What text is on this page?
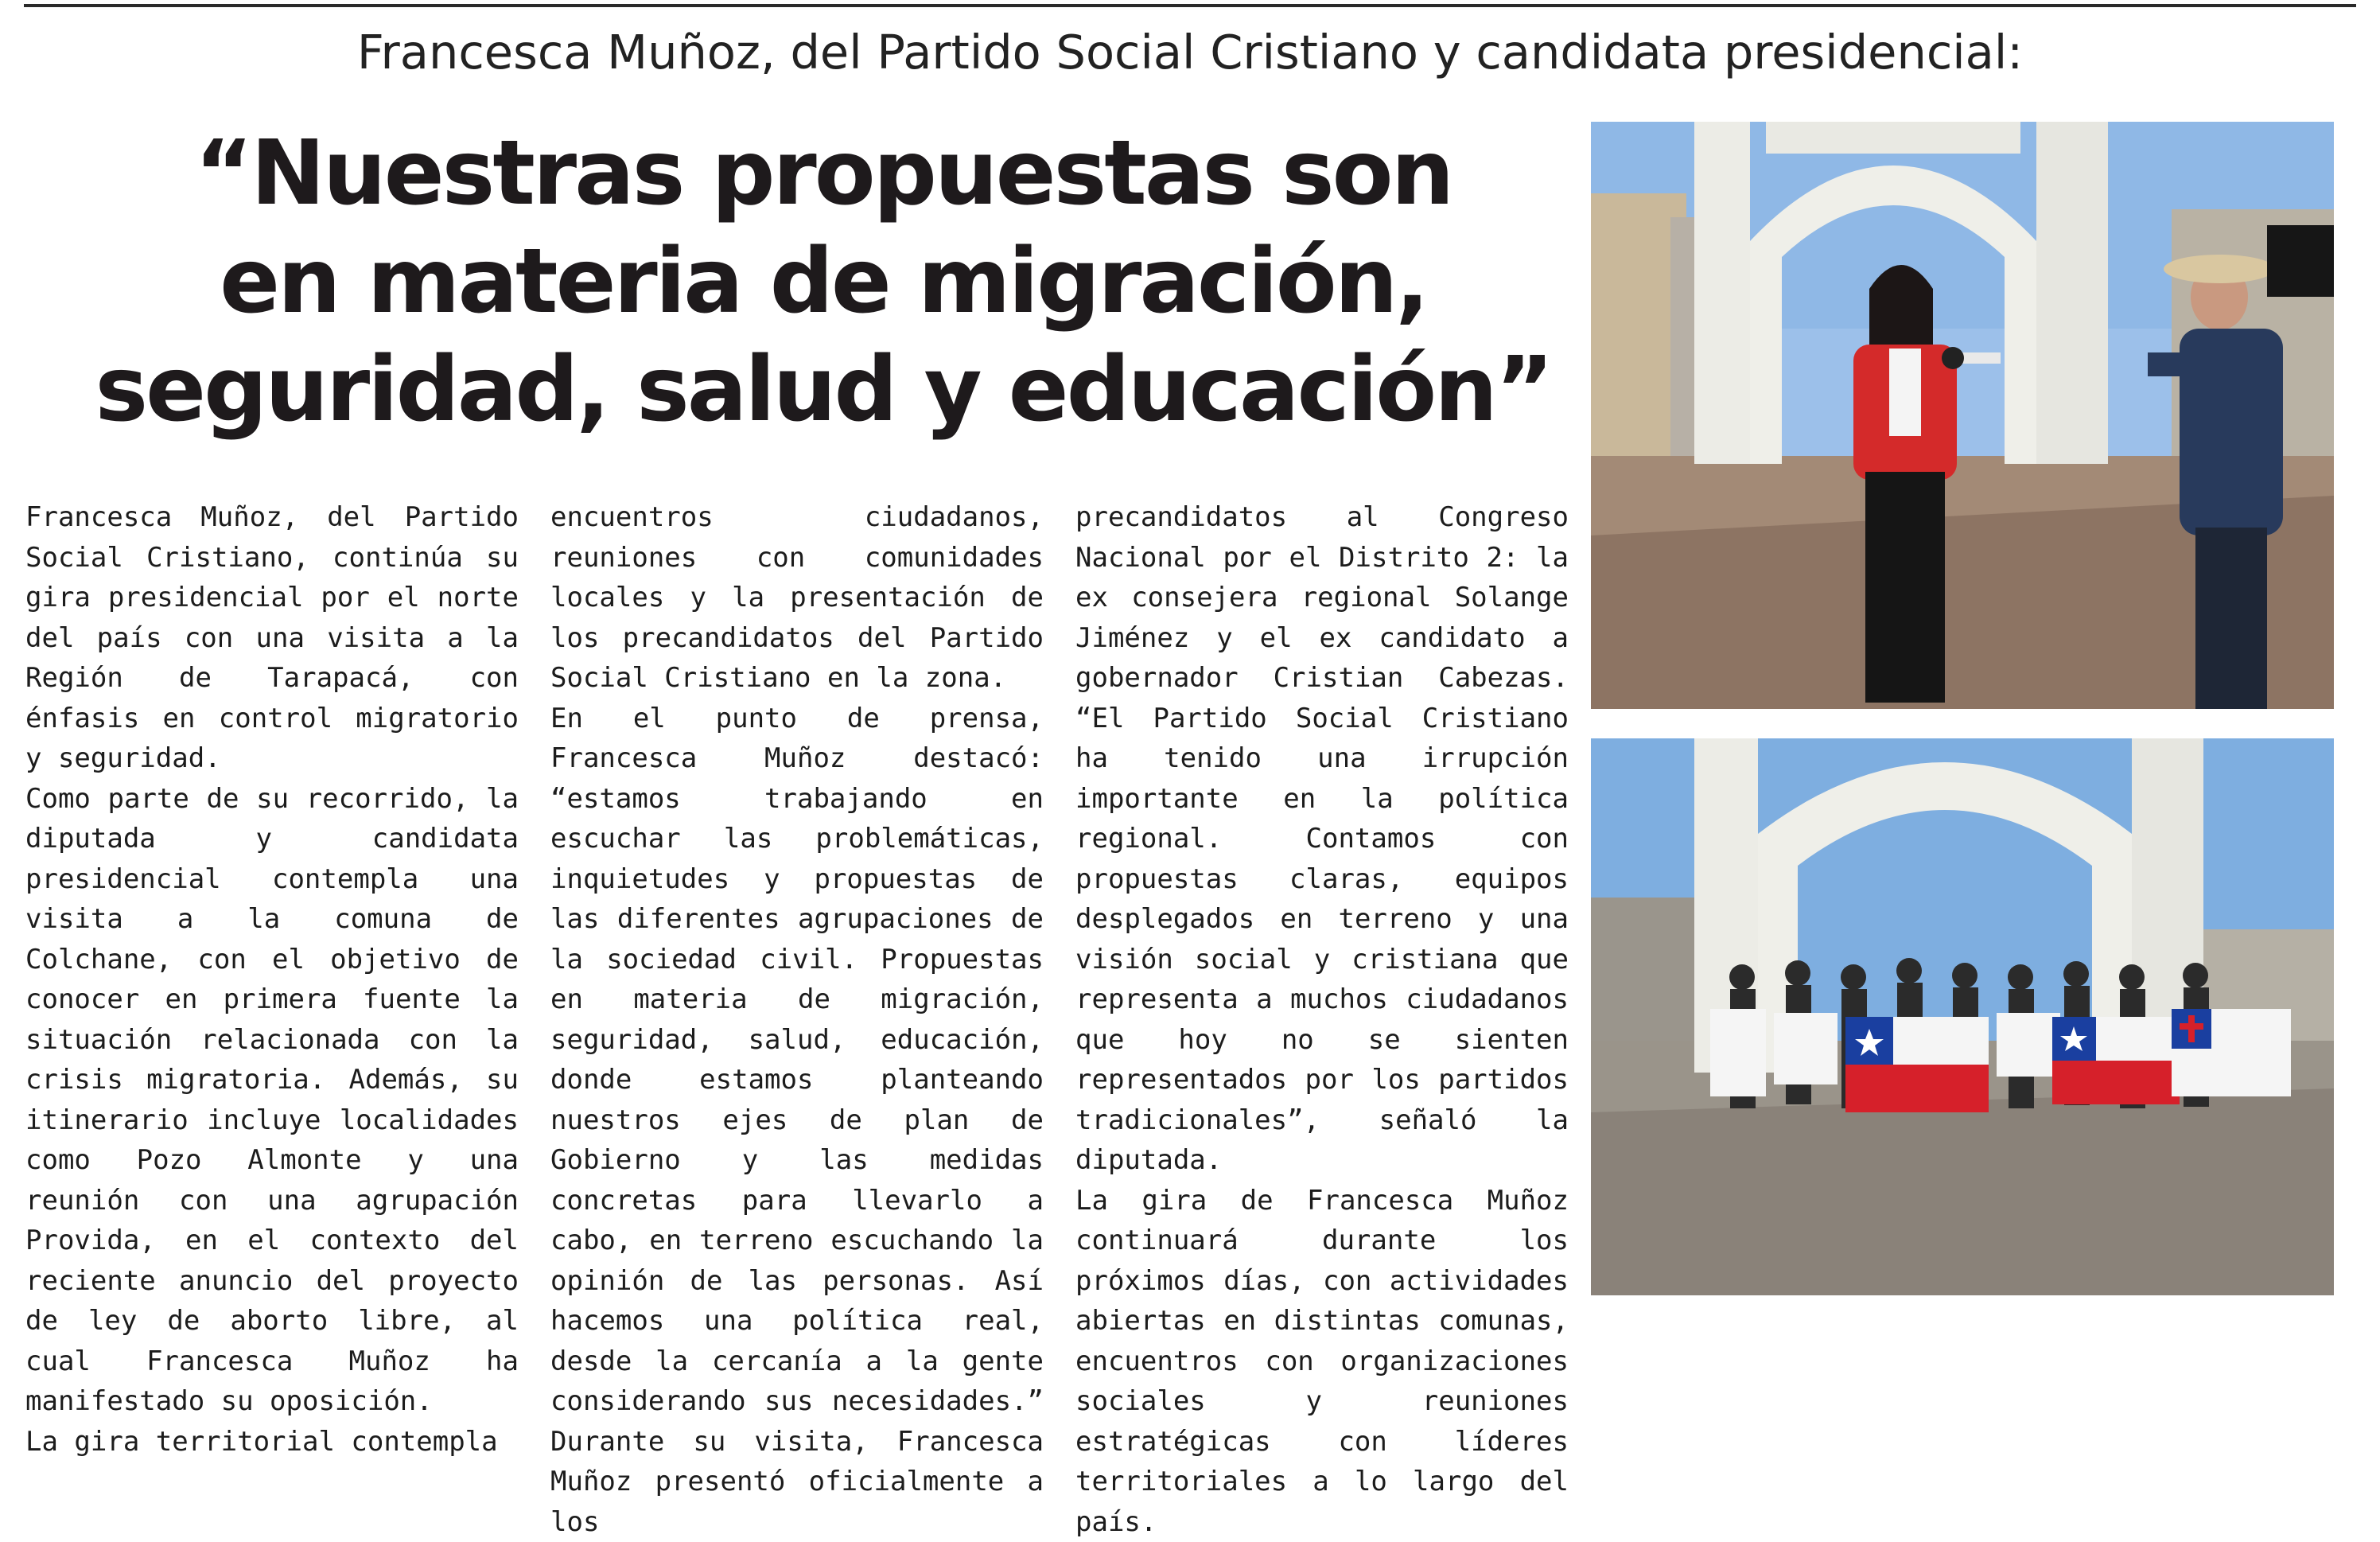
Francesca Muñoz, del Partido Social Cristiano y candidata presidencial:
“Nuestras propuestas son
en materia de migración,
seguridad, salud y educación”

Francesca Muñoz, del Partido Social Cristiano, continúa su gira presidencial por el norte del país con una visita a la Región de Tarapacá, con énfasis en control migratorio y seguridad.

Como parte de su recorrido, la diputada y candidata presidencial contempla una visita a la comuna de Colchane, con el objetivo de conocer en primera fuente la situación relacionada con la crisis migratoria. Además, su itinerario incluye localidades como Pozo Almonte y una reunión con una agrupación Provida, en el contexto del reciente anuncio del proyecto de ley de aborto libre, al cual Francesca Muñoz ha manifestado su oposición.

La gira territorial contempla

encuentros ciudadanos, reuniones con comunidades locales y la presentación de los precandidatos del Partido Social Cristiano en la zona.

En el punto de prensa, Francesca Muñoz destacó: “estamos trabajando en escuchar las problemáticas, inquietudes y propuestas de las diferentes agrupaciones de la sociedad civil. Propuestas en materia de migración, seguridad, salud, educación, donde estamos planteando nuestros ejes de plan de Gobierno y las medidas concretas para llevarlo a cabo, en terreno escuchando la opinión de las personas. Así hacemos una política real, desde la cercanía a la gente considerando sus necesidades.” Durante su visita, Francesca Muñoz presentó oficialmente a los

precandidatos al Congreso Nacional por el Distrito 2: la ex consejera regional Solange Jiménez y el ex candidato a gobernador Cristian Cabezas. “El Partido Social Cristiano ha tenido una irrupción importante en la política regional. Contamos con propuestas claras, equipos desplegados en terreno y una visión social y cristiana que representa a muchos ciudadanos que hoy no se sienten representados por los partidos tradicionales”, señaló la diputada.

La gira de Francesca Muñoz continuará durante los próximos días, con actividades abiertas en distintas comunas, encuentros con organizaciones sociales y reuniones estratégicas con líderes territoriales a lo largo del país.
